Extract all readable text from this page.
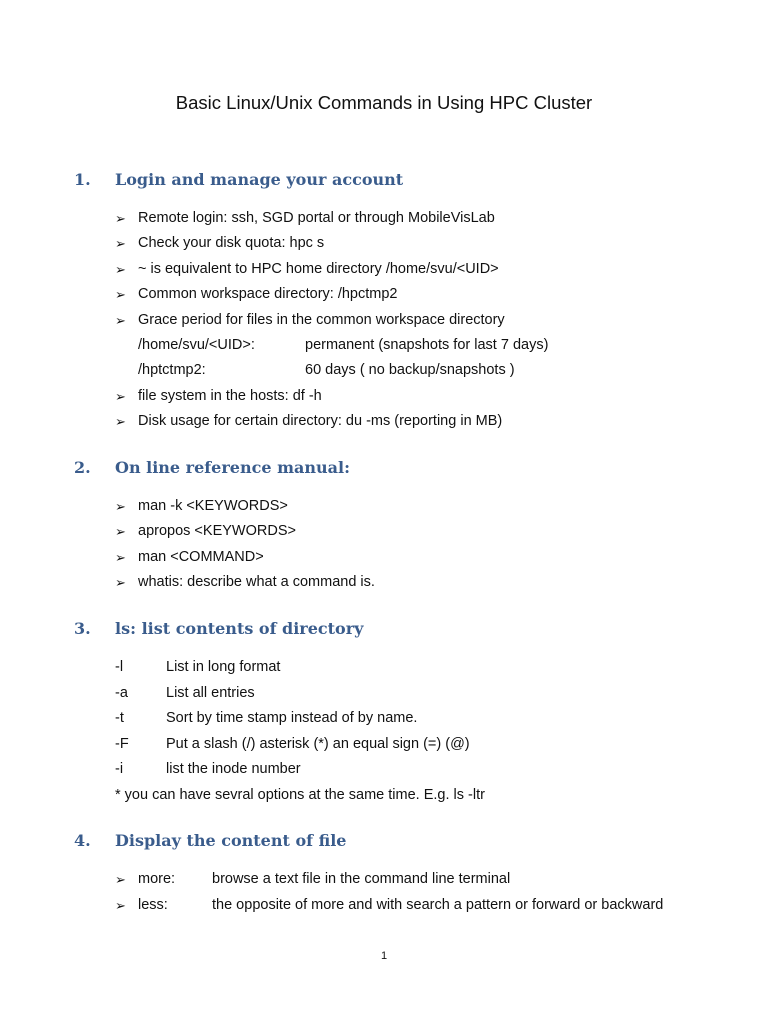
Basic Linux/Unix Commands in Using HPC Cluster
1. Login and manage your account
➢ Remote login: ssh, SGD portal or through MobileVisLab
➢ Check your disk quota: hpc s
➢ ~ is equivalent to HPC home directory /home/svu/<UID>
➢ Common workspace directory: /hpctmp2
➢ Grace period for files in the common workspace directory
/home/svu/<UID>:	permanent (snapshots for last 7 days)
/hptctmp2:	60 days ( no backup/snapshots )
➢ file system in the hosts: df -h
➢ Disk usage for certain directory: du -ms (reporting in MB)
2. On line reference manual:
➢ man -k <KEYWORDS>
➢ apropos <KEYWORDS>
➢ man <COMMAND>
➢ whatis: describe what a command is.
3. ls: list contents of directory
-l	List in long format
-a	List all entries
-t	Sort by time stamp instead of by name.
-F	Put a slash (/) asterisk (*) an equal sign (=) (@)
-i	list the inode number
* you can have sevral options at the same time. E.g. ls -ltr
4. Display the content of file
➢ more:	browse a text file in the command line terminal
➢ less:	the opposite of more and with search a pattern or forward or backward
1
